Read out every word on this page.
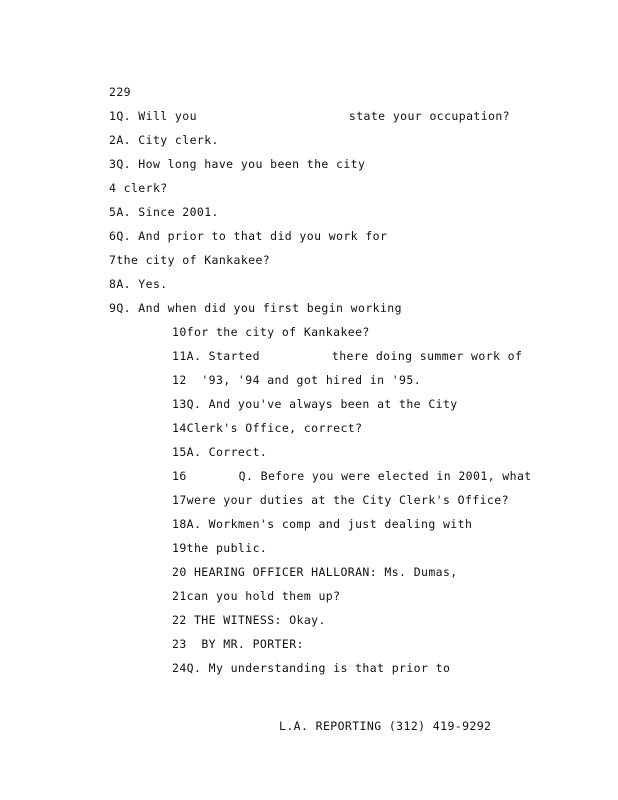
229
1Q. Will you	state your occupation?
2A. City clerk.
3Q. How long have you been the city
4 clerk?
5A. Since 2001.
6Q. And prior to that did you work for
7the city of Kankakee?
8A. Yes.
9Q. And when did you first begin working
10for the city of Kankakee?
11A. Started	there doing summer work of
12 '93, '94 and got hired in '95.
13Q. And you've always been at the City
14Clerk's Office, correct?
15A. Correct.
16	Q. Before you were elected in 2001, what
17were your duties at the City Clerk's Office?
18A. Workmen's comp and just dealing with
19the public.
20 HEARING OFFICER HALLORAN: Ms. Dumas,
21can you hold them up?
22 THE WITNESS: Okay.
23 BY MR. PORTER:
24Q. My understanding is that prior to
L.A. REPORTING (312) 419-9292
